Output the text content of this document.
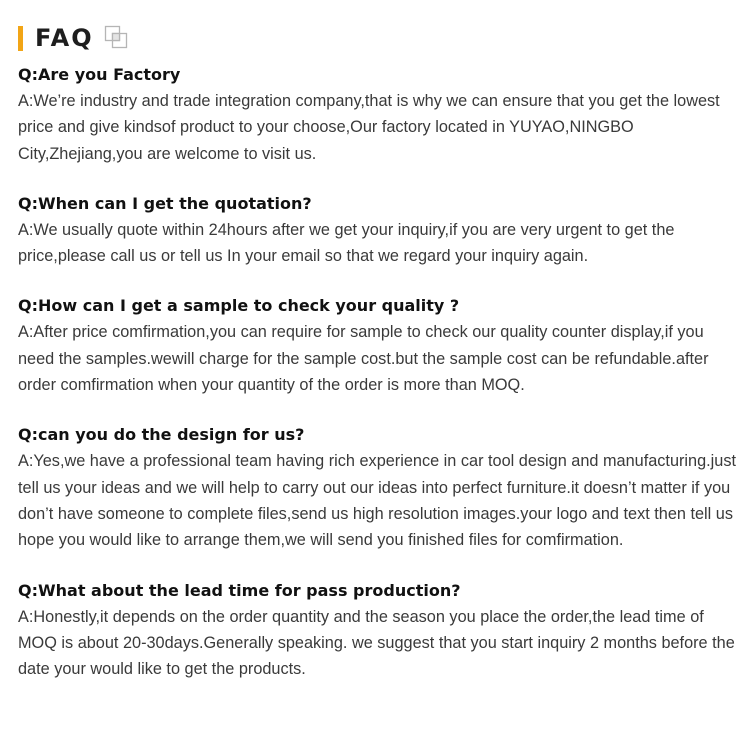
FAQ

Q:Are you Factory

A:We’re industry and trade integration company,that is why we can ensure that you get the lowest price and give kindsof product to your choose,Our factory located in YUYAO,NINGBO City,Zhejiang,you are welcome to visit us.

Q:When can I get the quotation?

A:We usually quote within 24hours after we get your inquiry,if you are very urgent to get the price,please call us or tell us In your email so that we regard your inquiry again.

Q:How can I get a sample to check your quality ?

A:After price comfirmation,you can require for sample to check our quality counter display,if you need the samples.wewill charge for the sample cost.but the sample cost can be refundable.after order comfirmation when your quantity of the order is more than MOQ.

Q:can you do the design for us?

A:Yes,we have a professional team having rich experience in car tool design and manufacturing.just tell us your ideas and we will help to carry out our ideas into perfect furniture.it doesn’t matter if you don’t have someone to complete files,send us high resolution images.your logo and text then tell us hope you would like to arrange them,we will send you finished files for comfirmation.

Q:What about the lead time for pass production?

A:Honestly,it depends on the order quantity and the season you place the order,the lead time of MOQ is about 20-30days.Generally speaking. we suggest that you start inquiry 2 months before the date your would like to get the products.
